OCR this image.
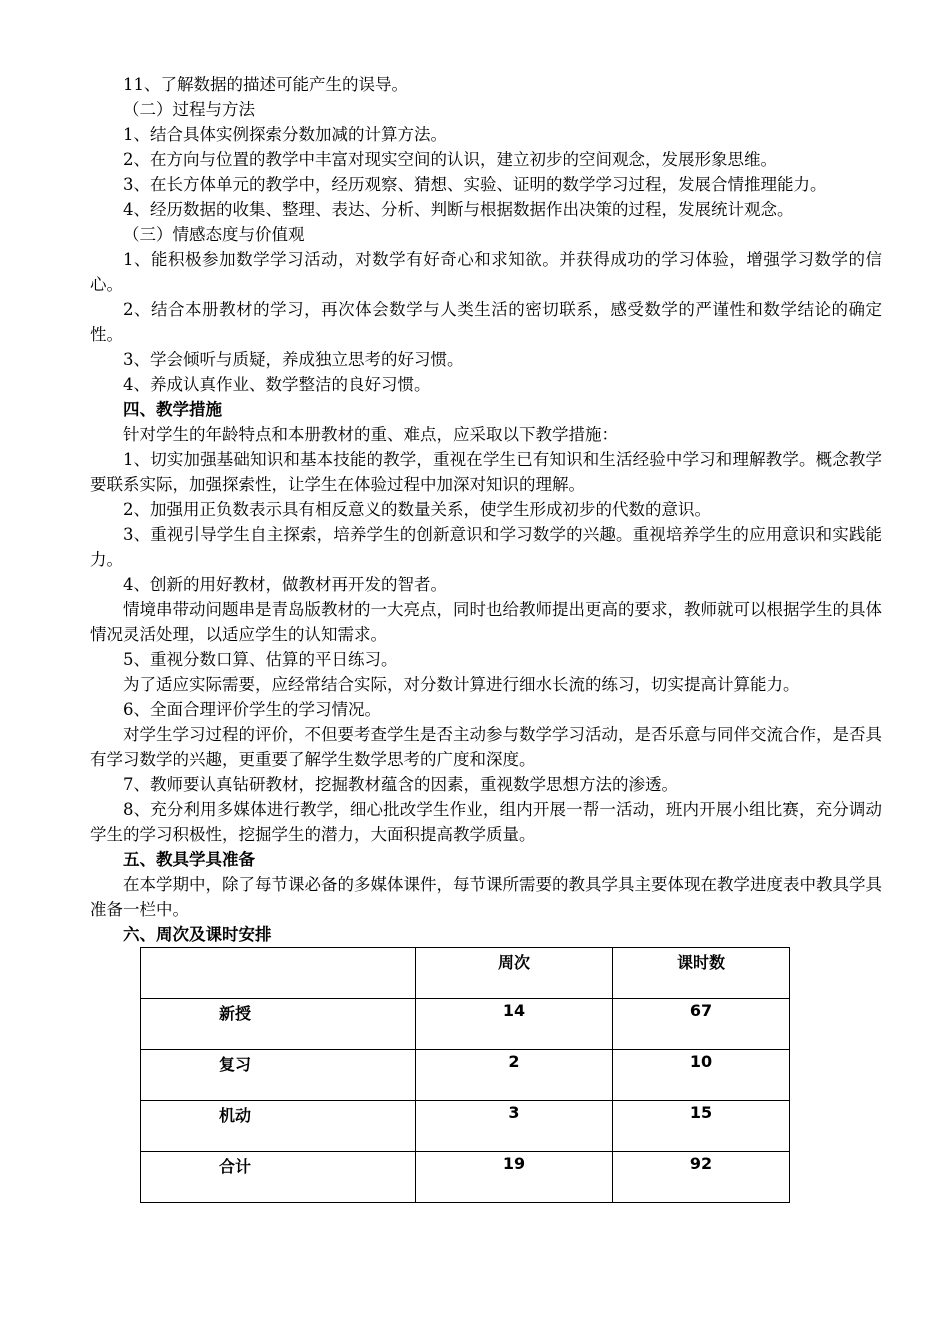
11、了解数据的描述可能产生的误导。

（二）过程与方法

1、结合具体实例探索分数加减的计算方法。

2、在方向与位置的教学中丰富对现实空间的认识，建立初步的空间观念，发展形象思维。

3、在长方体单元的教学中，经历观察、猜想、实验、证明的数学学习过程，发展合情推理能力。

4、经历数据的收集、整理、表达、分析、判断与根据数据作出决策的过程，发展统计观念。

（三）情感态度与价值观

1、能积极参加数学学习活动，对数学有好奇心和求知欲。并获得成功的学习体验，增强学习数学的信心。

2、结合本册教材的学习，再次体会数学与人类生活的密切联系，感受数学的严谨性和数学结论的确定性。

3、学会倾听与质疑，养成独立思考的好习惯。

4、养成认真作业、数学整洁的良好习惯。

四、教学措施

针对学生的年龄特点和本册教材的重、难点，应采取以下教学措施：

1、切实加强基础知识和基本技能的教学，重视在学生已有知识和生活经验中学习和理解教学。概念教学要联系实际，加强探索性，让学生在体验过程中加深对知识的理解。

2、加强用正负数表示具有相反意义的数量关系，使学生形成初步的代数的意识。

3、重视引导学生自主探索，培养学生的创新意识和学习数学的兴趣。重视培养学生的应用意识和实践能力。

4、创新的用好教材，做教材再开发的智者。

情境串带动问题串是青岛版教材的一大亮点，同时也给教师提出更高的要求，教师就可以根据学生的具体情况灵活处理，以适应学生的认知需求。

5、重视分数口算、估算的平日练习。

为了适应实际需要，应经常结合实际，对分数计算进行细水长流的练习，切实提高计算能力。

6、全面合理评价学生的学习情况。

对学生学习过程的评价，不但要考查学生是否主动参与数学学习活动，是否乐意与同伴交流合作，是否具有学习数学的兴趣，更重要了解学生数学思考的广度和深度。

7、教师要认真钻研教材，挖掘教材蕴含的因素，重视数学思想方法的渗透。

8、充分利用多媒体进行教学，细心批改学生作业，组内开展一帮一活动，班内开展小组比赛，充分调动学生的学习积极性，挖掘学生的潜力，大面积提高教学质量。

五、教具学具准备

在本学期中，除了每节课必备的多媒体课件，每节课所需要的教具学具主要体现在教学进度表中教具学具准备一栏中。

六、周次及课时安排

	周次	课时数
新授	14	67
复习	2	10
机动	3	15
合计	19	92
